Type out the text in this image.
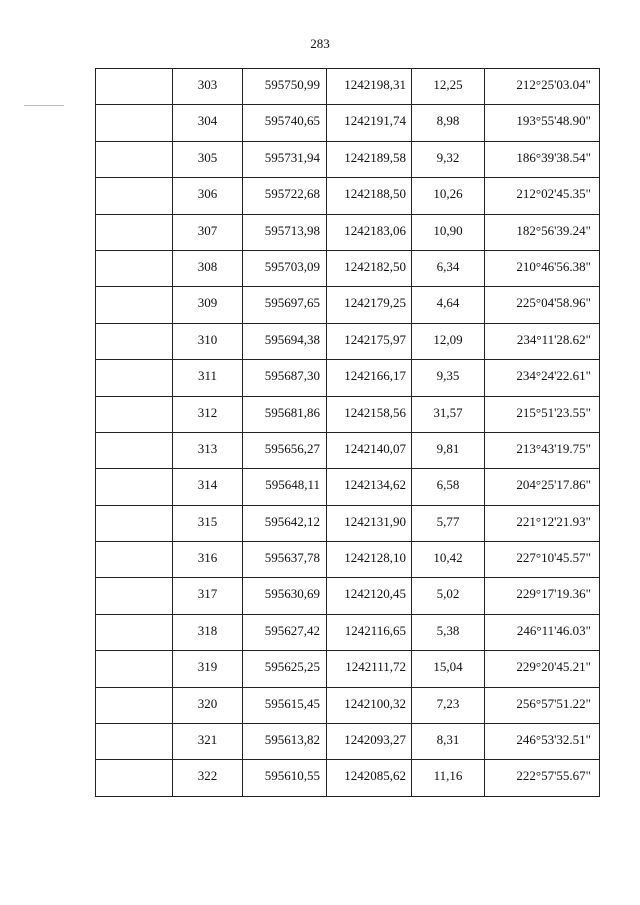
283
	303	595750,99	1242198,31	12,25	212°25'03.04"
	304	595740,65	1242191,74	8,98	193°55'48.90"
	305	595731,94	1242189,58	9,32	186°39'38.54"
	306	595722,68	1242188,50	10,26	212°02'45.35"
	307	595713,98	1242183,06	10,90	182°56'39.24"
	308	595703,09	1242182,50	6,34	210°46'56.38"
	309	595697,65	1242179,25	4,64	225°04'58.96"
	310	595694,38	1242175,97	12,09	234°11'28.62"
	311	595687,30	1242166,17	9,35	234°24'22.61"
	312	595681,86	1242158,56	31,57	215°51'23.55"
	313	595656,27	1242140,07	9,81	213°43'19.75"
	314	595648,11	1242134,62	6,58	204°25'17.86"
	315	595642,12	1242131,90	5,77	221°12'21.93"
	316	595637,78	1242128,10	10,42	227°10'45.57"
	317	595630,69	1242120,45	5,02	229°17'19.36"
	318	595627,42	1242116,65	5,38	246°11'46.03"
	319	595625,25	1242111,72	15,04	229°20'45.21"
	320	595615,45	1242100,32	7,23	256°57'51.22"
	321	595613,82	1242093,27	8,31	246°53'32.51"
	322	595610,55	1242085,62	11,16	222°57'55.67"
